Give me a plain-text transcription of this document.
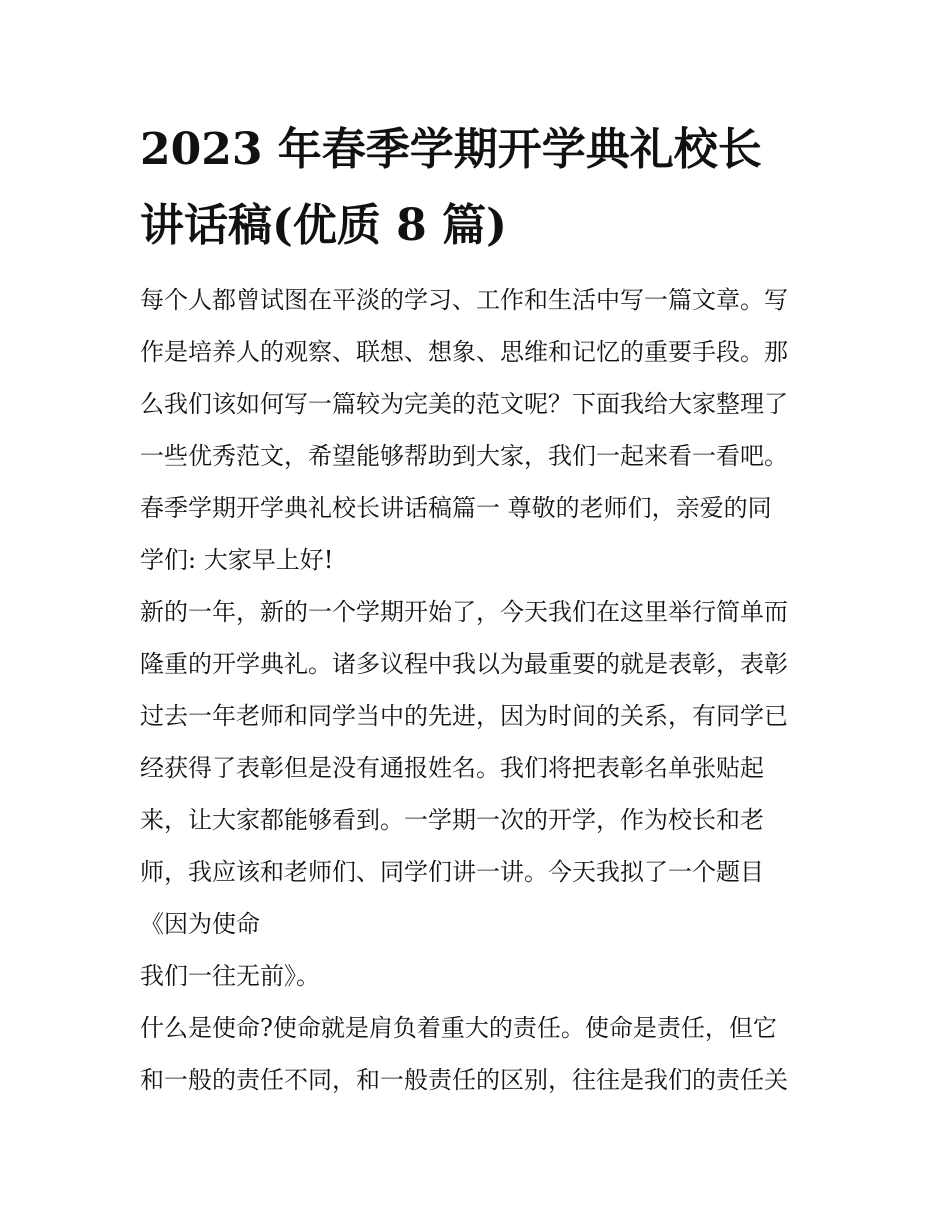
2023 年春季学期开学典礼校长
讲话稿(优质 8 篇)
每个人都曾试图在平淡的学习、工作和生活中写一篇文章。写
作是培养人的观察、联想、想象、思维和记忆的重要手段。那
么我们该如何写一篇较为完美的范文呢？下面我给大家整理了
一些优秀范文，希望能够帮助到大家，我们一起来看一看吧。
春季学期开学典礼校长讲话稿篇一 尊敬的老师们，亲爱的同
学们: 大家早上好!
新的一年，新的一个学期开始了，今天我们在这里举行简单而
隆重的开学典礼。诸多议程中我以为最重要的就是表彰，表彰
过去一年老师和同学当中的先进，因为时间的关系，有同学已
经获得了表彰但是没有通报姓名。我们将把表彰名单张贴起
来，让大家都能够看到。一学期一次的开学，作为校长和老
师，我应该和老师们、同学们讲一讲。今天我拟了一个题目
《因为使命
我们一往无前》。
什么是使命?使命就是肩负着重大的责任。使命是责任，但它
和一般的责任不同，和一般责任的区别，往往是我们的责任关
